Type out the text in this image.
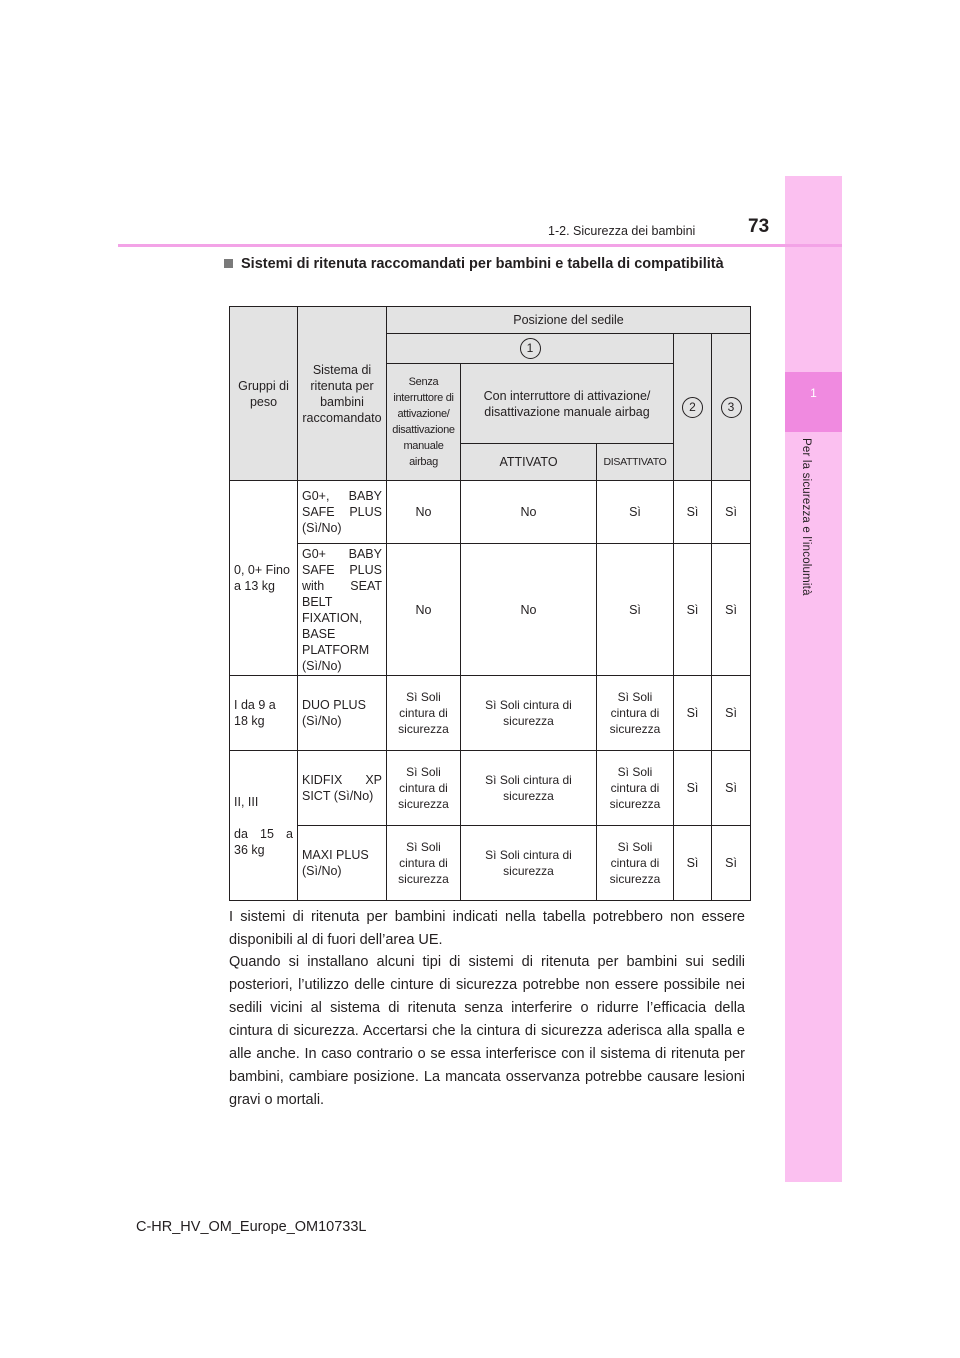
1
Per la sicurezza e l’incolumità
73
1-2. Sicurezza dei bambini
Sistemi di ritenuta raccomandati per bambini e tabella di compatibilità
Gruppi di peso	Sistema di ritenuta per bambini raccomandato	Posizione del sedile				
		1			2	3
		Senza interruttore di attivazione/ disattivazione manuale airbag	Con interruttore di attivazione/ disattivazione manuale airbag			
			ATTIVATO	DISATTIVATO		
0, 0+ Fino a 13 kg	G0+, BABY SAFE PLUS (Sì/No)	No	No	Sì	Sì	Sì
	G0+ BABY SAFE PLUS with SEAT BELT FIXATION, BASE PLATFORM (Sì/No)	No	No	Sì	Sì	Sì
I da 9 a 18 kg	DUO PLUS (Sì/No)	Sì Soli cintura di sicurezza	Sì Soli cintura di sicurezza	Sì Soli cintura di sicurezza	Sì	Sì

II, III
da 15 a 36 kg	KIDFIX XP SICT (Sì/No)	Sì Soli cintura di sicurezza	Sì Soli cintura di sicurezza	Sì Soli cintura di sicurezza	Sì	Sì
	MAXI PLUS (Sì/No)	Sì Soli cintura di sicurezza	Sì Soli cintura di sicurezza	Sì Soli cintura di sicurezza	Sì	Sì

I sistemi di ritenuta per bambini indicati nella tabella potrebbero non essere disponibili al di fuori dell’area UE.

Quando si installano alcuni tipi di sistemi di ritenuta per bambini sui sedili posteriori, l’utilizzo delle cinture di sicurezza potrebbe non essere possibile nei sedili vicini al sistema di ritenuta senza interferire o ridurre l’efficacia della cintura di sicurezza. Accertarsi che la cintura di sicurezza aderisca alla spalla e alle anche. In caso contrario o se essa interferisce con il sistema di ritenuta per bambini, cambiare posizione. La mancata osservanza potrebbe causare lesioni gravi o mortali.

C-HR_HV_OM_Europe_OM10733L
